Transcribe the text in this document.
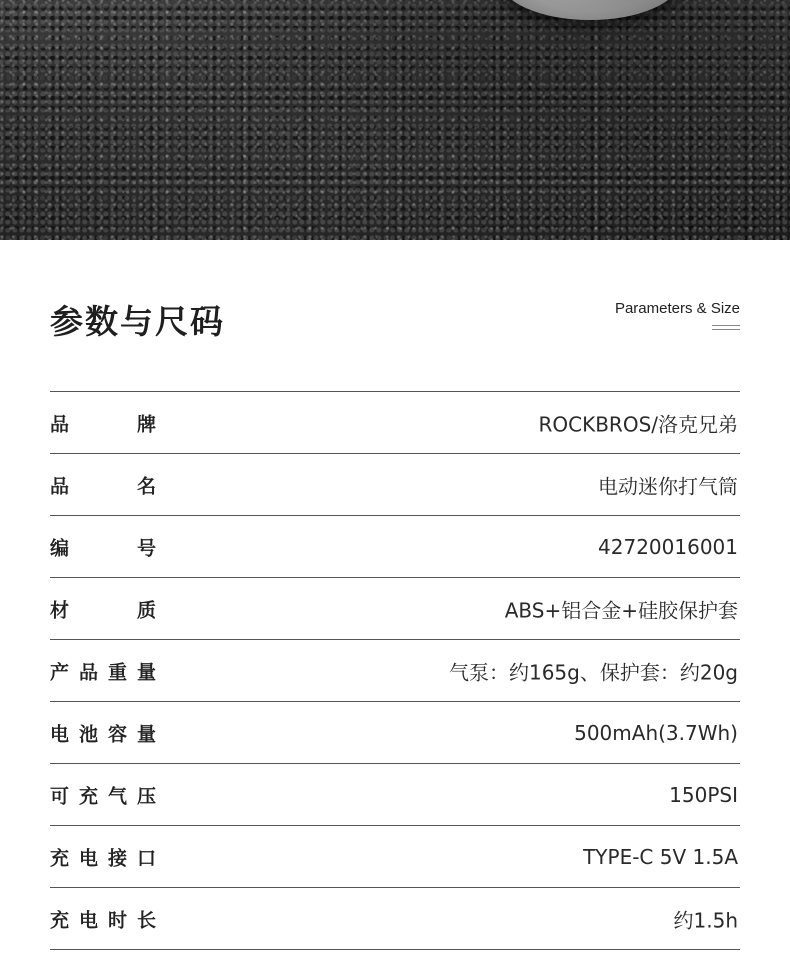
参数与尺码	Parameters & Size
品	牌	ROCKBROS/洛克兄弟
品	名	电动迷你打气筒
编	号	42720016001
材	质	ABS+铝合金+硅胶保护套
产 品 重 量	气泵：约165g、保护套：约20g
电 池 容 量	500mAh(3.7Wh)
可 充 气 压	150PSI
充 电 接 口	TYPE-C 5V 1.5A
充 电 时 长	约1.5h
